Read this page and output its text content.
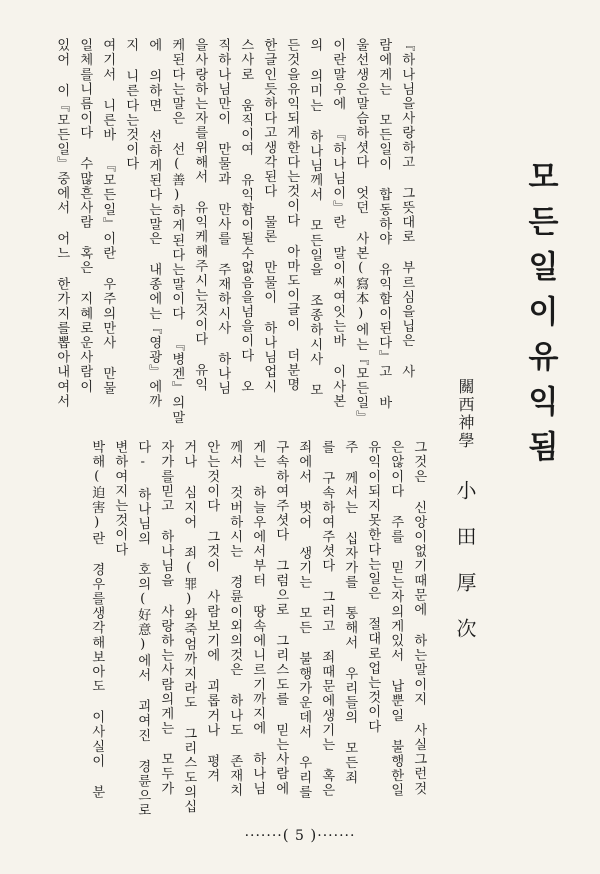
모든일이유익됨
關西神學
小田厚次
그것은 신앙이없기때문에 하는말이지 사실그런것
은않이다 주를 믿는자의게있서 납뿐일 불행한일
유익이되지못한다는일은 절대로업는것이다
주 께서는 십자가를 통해서 우리들의 모든죄
를 구속하여주셧다 그러고 죄때문에생기는 혹은
죄에서 벗어 생기는 모든 불행가운데서 우리를
구속하여주셧다 그럼으로 그리스도를 믿는사람에
게는 하늘우에서부터 땅속에니르기까지에 하나님
께서 것버하시는 경륜이외의것은 하나도 존재치
안는것이다 그것이 사람보기에 괴롭거나 평겨
거나 심지어 죄(罪)와죽엄까지라도 그리스도의십
자가를믿고 하나님을 사랑하는사람의게는 모두가
다- 하나님의 호의(好意)에서 괴여진 경륜으로
변하여지는것이다
박해(迫害)란 경우를생각해보아도 이사실이 분
『하나님을사랑하고 그뜻대로 부르심을닙은 사
람에게는 모든일이 합동하야 유익함이된다』고 바
울선생은말슴하셧다 엇던 사본(寫本)에는『모든일』
이란말우에 『하나님이』란 말이씨여잇는바 이사본
의 의미는 하나님께서 모든일을 조종하시사 모
든것을유익되게한다는것이다 아마도이글이 더분명
한글인듯하다고생각된다 물론 만물이 하나님업시
스사로 움직이여 유익함이될수없음을넘을이다 오
직하나님만이 만물과 만사를 주재하시사 하나님
을사랑하는자를위해서 유익케해주시는것이다 유익
케된다는말은 선(善)하게된다는말이다 『병겐』의말
에 의하면 선하게된다는말은 내종에는『영광』에까
지 니른다는것이다
여기서 니른바 『모든일』이란 우주의만사 만물
일체를니름이다 수많흔사람 혹은 지혜로운사람이
있어 이『모든일』중에서 어느 한가지를뽑아내여서
·······( 5 )·······
